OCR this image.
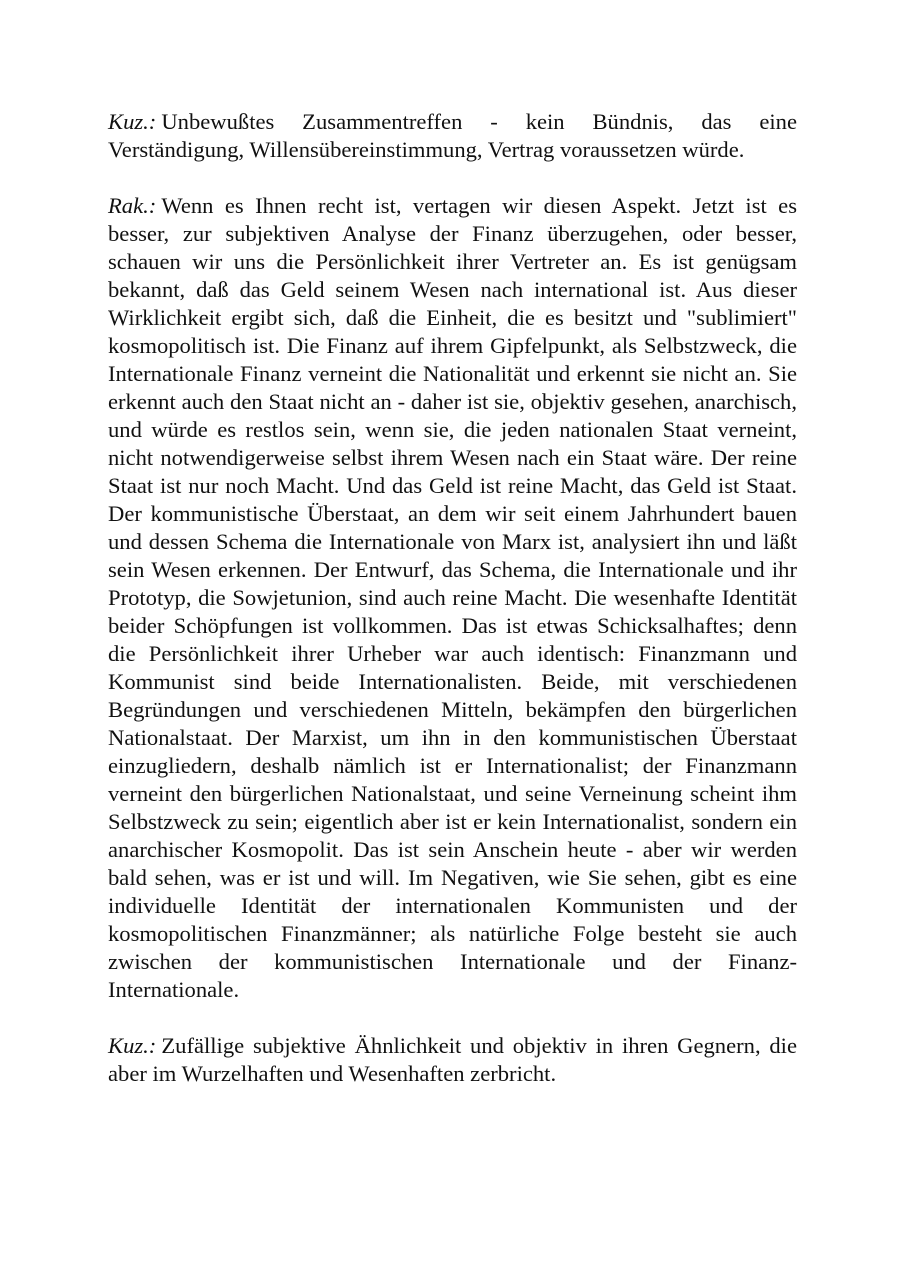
Kuz.: Unbewußtes Zusammentreffen - kein Bündnis, das eine Verständigung, Willensübereinstimmung, Vertrag voraussetzen würde.

Rak.: Wenn es Ihnen recht ist, vertagen wir diesen Aspekt. Jetzt ist es besser, zur subjektiven Analyse der Finanz überzugehen, oder besser, schauen wir uns die Persönlichkeit ihrer Vertreter an. Es ist genügsam bekannt, daß das Geld seinem Wesen nach international ist. Aus dieser Wirklichkeit ergibt sich, daß die Einheit, die es besitzt und "sublimiert" kosmopolitisch ist. Die Finanz auf ihrem Gipfelpunkt, als Selbstzweck, die Internationale Finanz verneint die Nationalität und erkennt sie nicht an. Sie erkennt auch den Staat nicht an - daher ist sie, objektiv gesehen, anarchisch, und würde es restlos sein, wenn sie, die jeden nationalen Staat verneint, nicht notwendigerweise selbst ihrem Wesen nach ein Staat wäre. Der reine Staat ist nur noch Macht. Und das Geld ist reine Macht, das Geld ist Staat. Der kommunistische Überstaat, an dem wir seit einem Jahrhundert bauen und dessen Schema die Internationale von Marx ist, analysiert ihn und läßt sein Wesen erkennen. Der Entwurf, das Schema, die Internationale und ihr Prototyp, die Sowjetunion, sind auch reine Macht. Die wesenhafte Identität beider Schöpfungen ist vollkommen. Das ist etwas Schicksalhaftes; denn die Persönlichkeit ihrer Urheber war auch identisch: Finanzmann und Kommunist sind beide Internationalisten. Beide, mit verschiedenen Begründungen und verschiedenen Mitteln, bekämpfen den bürgerlichen Nationalstaat. Der Marxist, um ihn in den kommunistischen Überstaat einzugliedern, deshalb nämlich ist er Internationalist; der Finanzmann verneint den bürgerlichen Nationalstaat, und seine Verneinung scheint ihm Selbstzweck zu sein; eigentlich aber ist er kein Internationalist, sondern ein anarchischer Kosmopolit. Das ist sein Anschein heute - aber wir werden bald sehen, was er ist und will. Im Negativen, wie Sie sehen, gibt es eine individuelle Identität der internationalen Kommunisten und der kosmopolitischen Finanzmänner; als natürliche Folge besteht sie auch zwischen der kommunistischen Internationale und der Finanz-Internationale.

Kuz.: Zufällige subjektive Ähnlichkeit und objektiv in ihren Gegnern, die aber im Wurzelhaften und Wesenhaften zerbricht.
